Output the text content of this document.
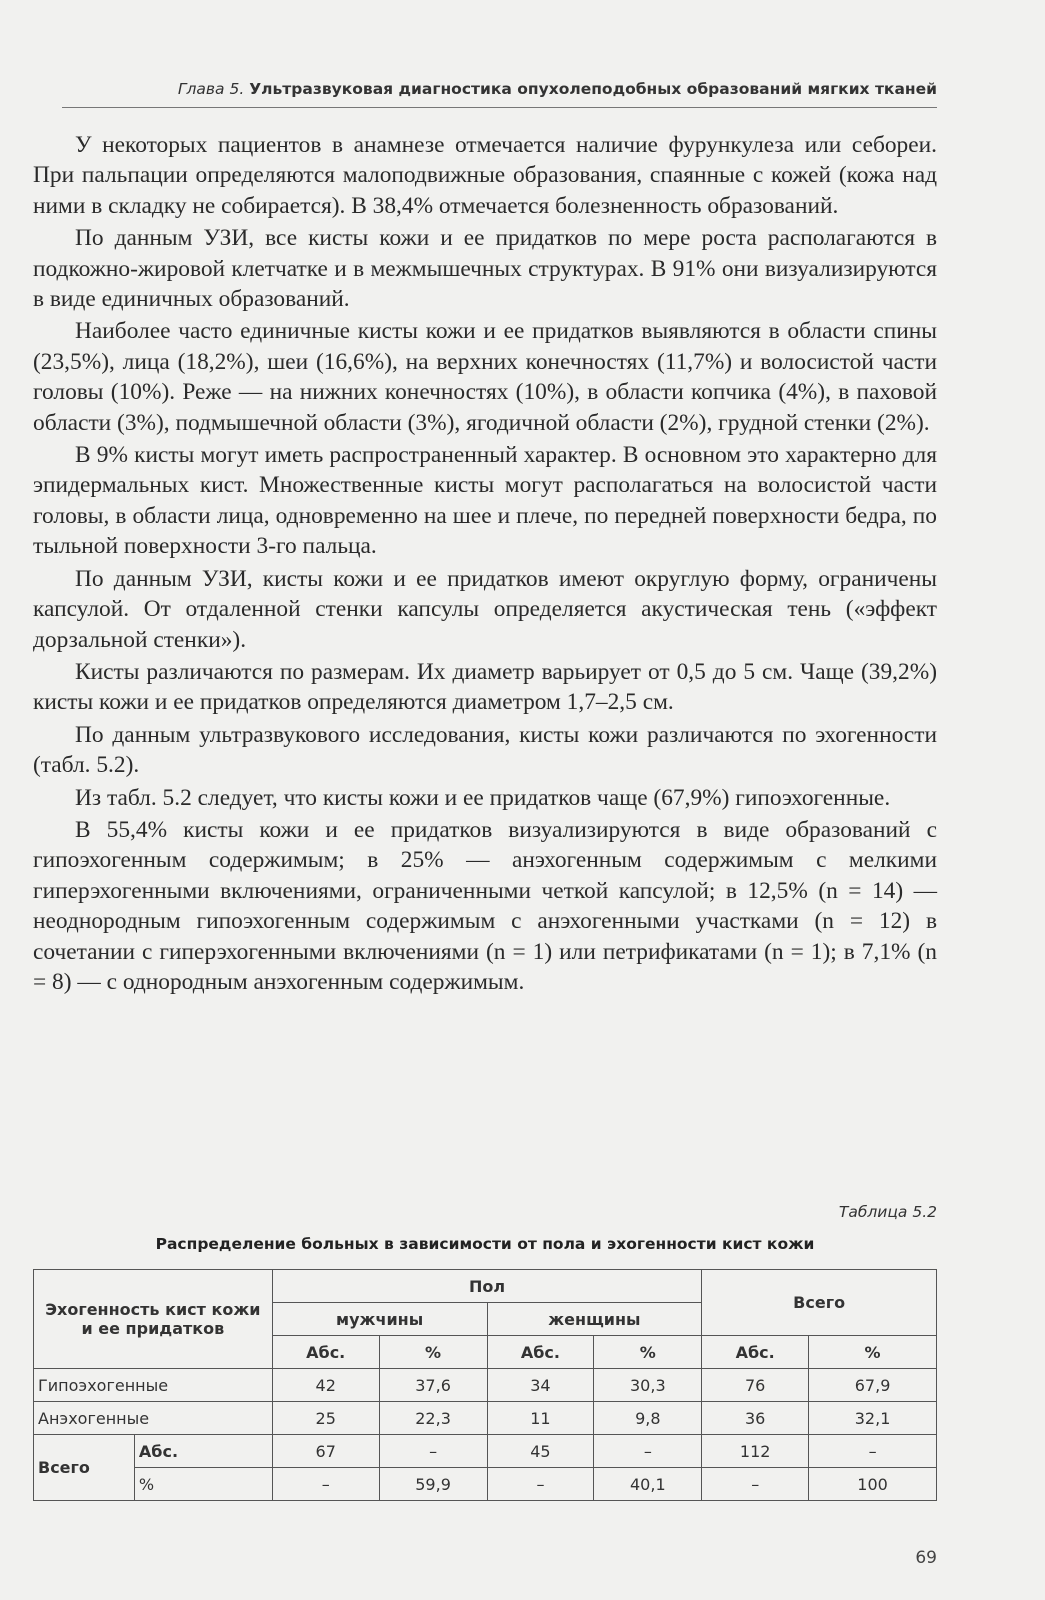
Глава 5. Ультразвуковая диагностика опухолеподобных образований мягких тканей

У некоторых пациентов в анамнезе отмечается наличие фурункулеза или себореи. При пальпации определяются малоподвижные образования, спаянные с кожей (кожа над ними в складку не собирается). В 38,4% отмечается болезненность образований.

По данным УЗИ, все кисты кожи и ее придатков по мере роста располагаются в подкожно-жировой клетчатке и в межмышечных структурах. В 91% они визуализируются в виде единичных образований.

Наиболее часто единичные кисты кожи и ее придатков выявляются в области спины (23,5%), лица (18,2%), шеи (16,6%), на верхних конечностях (11,7%) и волосистой части головы (10%). Реже — на нижних конечностях (10%), в области копчика (4%), в паховой области (3%), подмышечной области (3%), ягодичной области (2%), грудной стенки (2%).

В 9% кисты могут иметь распространенный характер. В основном это характерно для эпидермальных кист. Множественные кисты могут располагаться на волосистой части головы, в области лица, одновременно на шее и плече, по передней поверхности бедра, по тыльной поверхности 3-го пальца.

По данным УЗИ, кисты кожи и ее придатков имеют округлую форму, ограничены капсулой. От отдаленной стенки капсулы определяется акустическая тень («эффект дорзальной стенки»).

Кисты различаются по размерам. Их диаметр варьирует от 0,5 до 5 см. Чаще (39,2%) кисты кожи и ее придатков определяются диаметром 1,7–2,5 см.

По данным ультразвукового исследования, кисты кожи различаются по эхогенности (табл. 5.2).

Из табл. 5.2 следует, что кисты кожи и ее придатков чаще (67,9%) гипоэхогенные.

В 55,4% кисты кожи и ее придатков визуализируются в виде образований с гипоэхогенным содержимым; в 25% — анэхогенным содержимым с мелкими гиперэхогенными включениями, ограниченными четкой капсулой; в 12,5% (n = 14) — неоднородным гипоэхогенным содержимым с анэхогенными участками (n = 12) в сочетании с гиперэхогенными включениями (n = 1) или петрификатами (n = 1); в 7,1% (n = 8) — с однородным анэхогенным содержимым.

Таблица 5.2
Распределение больных в зависимости от пола и эхогенности кист кожи
Эхогенность кист кожи и ее придатков		Пол				Всего	
		мужчины		женщины			
		Абс.	%	Абс.	%	Абс.	%
Гипоэхогенные		42	37,6	34	30,3	76	67,9
Анэхогенные		25	22,3	11	9,8	36	32,1
Всего	Абс.	67	–	45	–	112	–
	%	–	59,9	–	40,1	–	100
69
